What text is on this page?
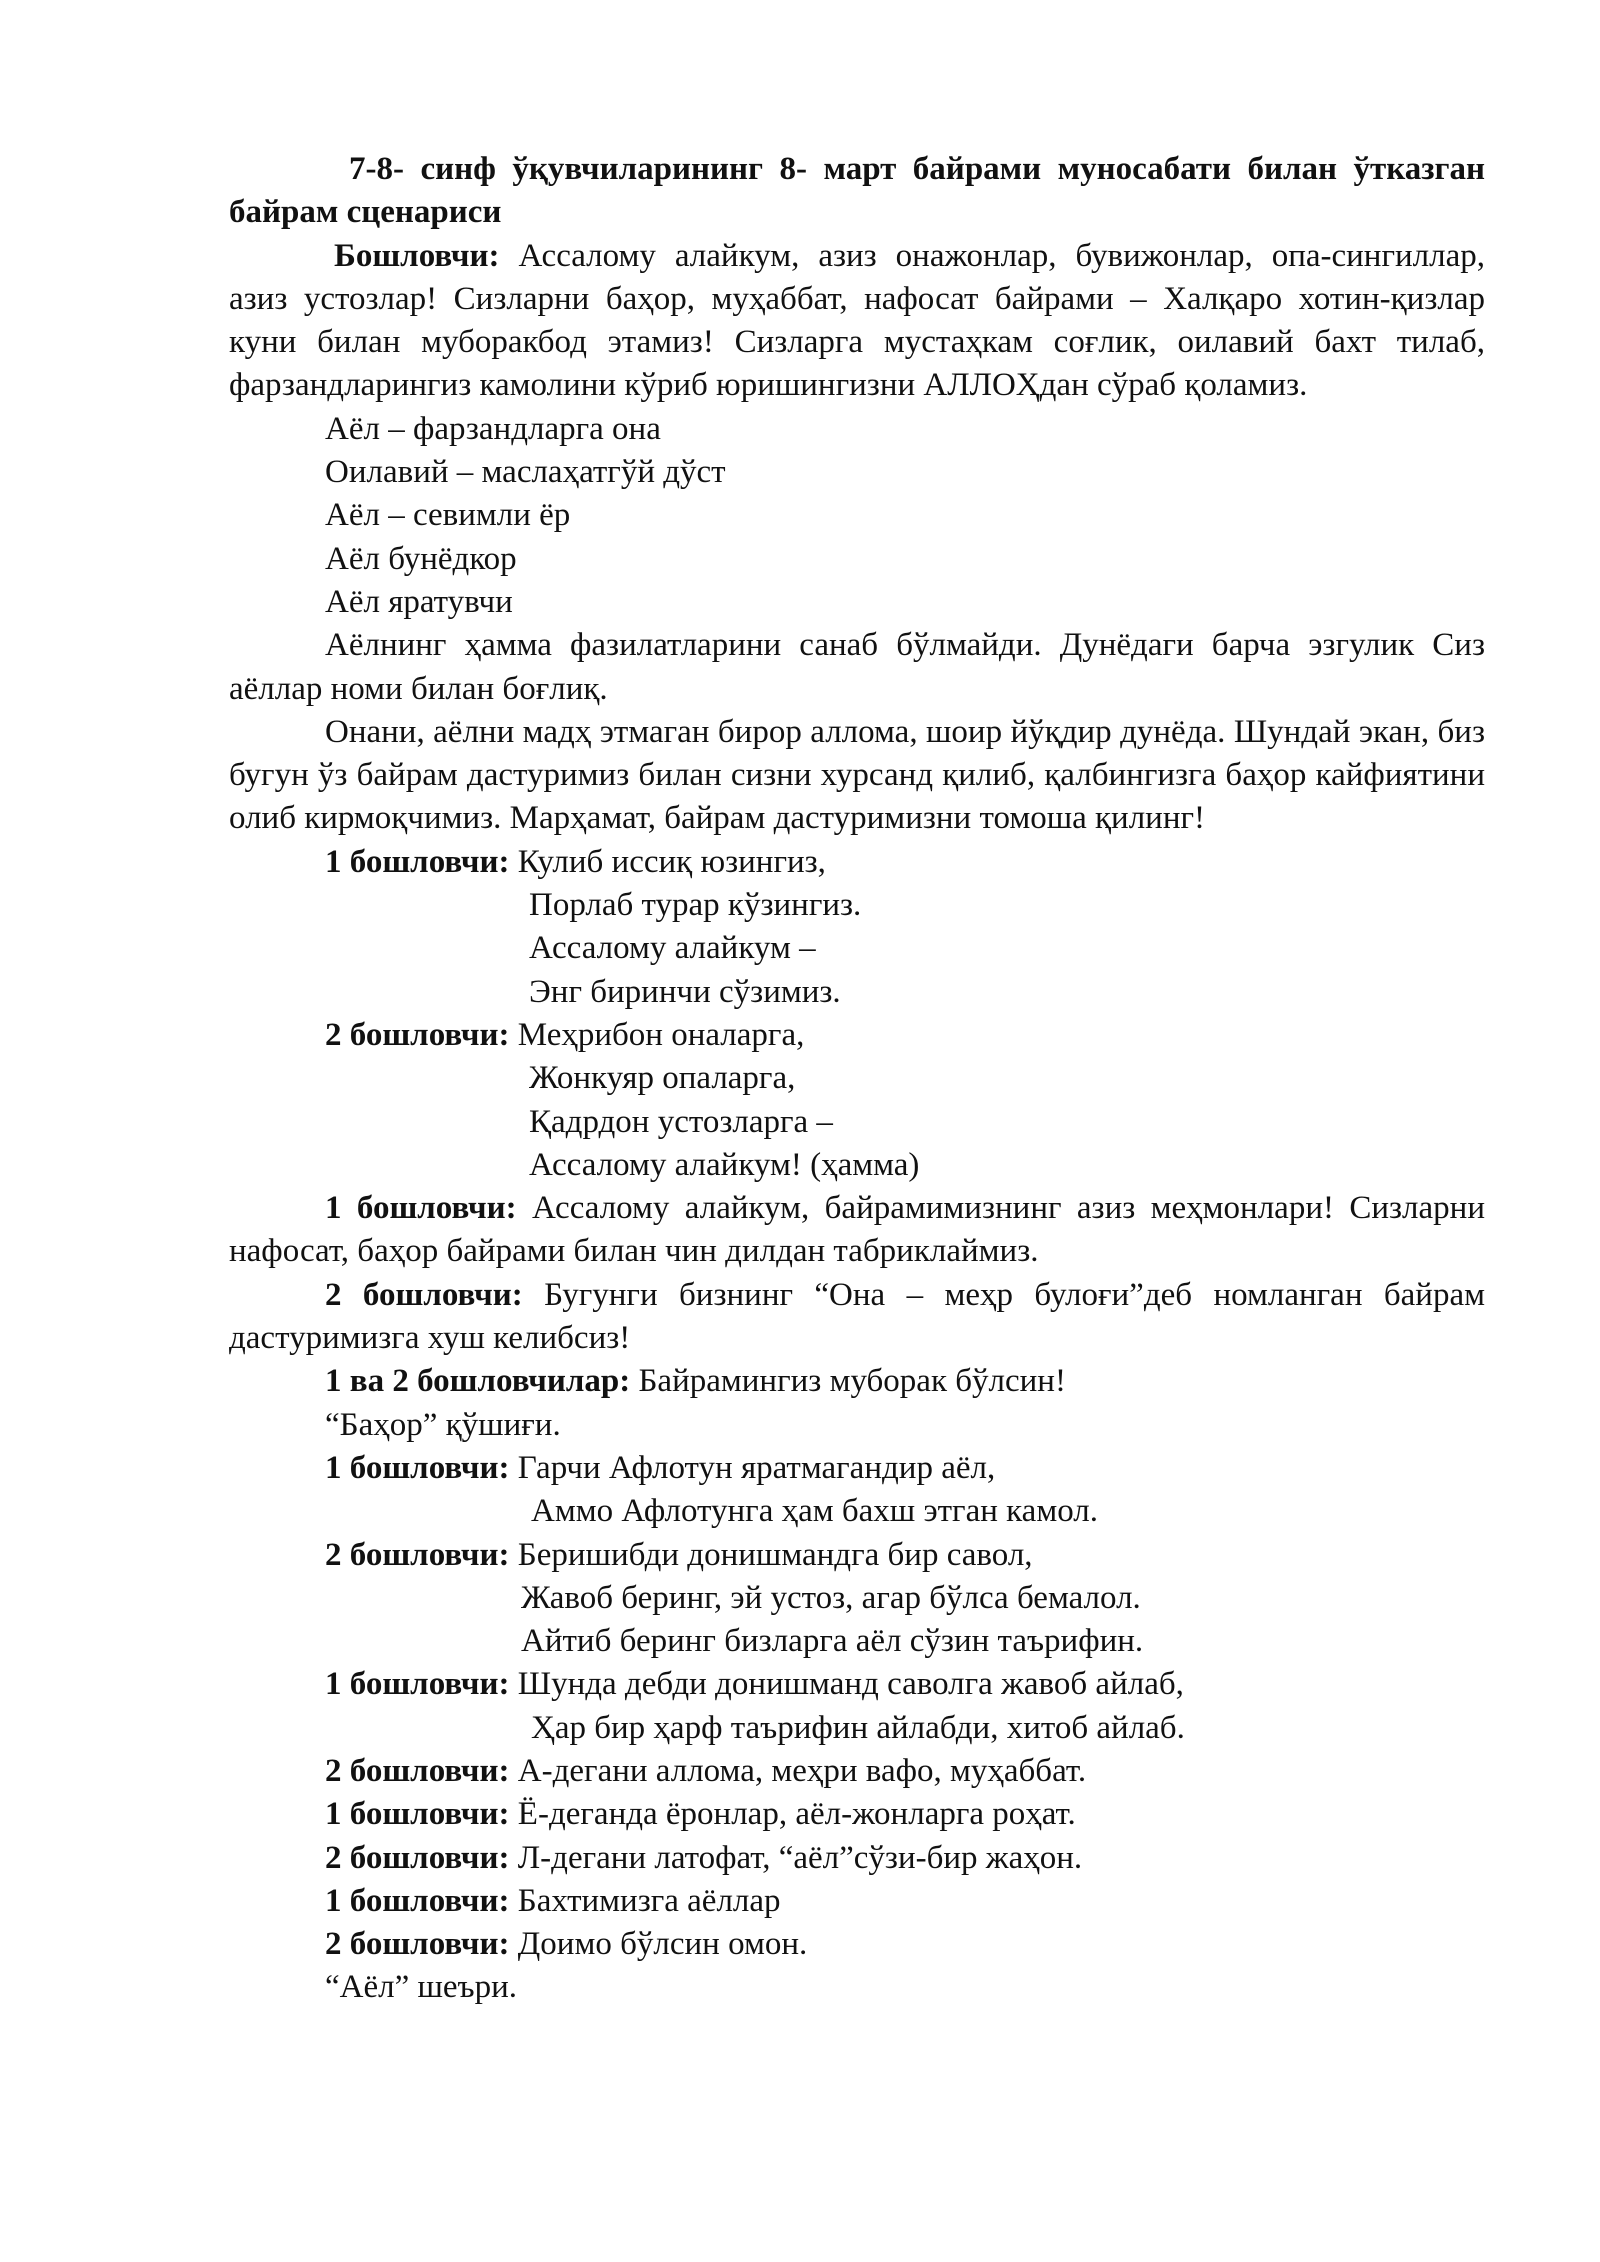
7-8- синф ўқувчиларининг 8- март байрами муносабати билан ўтказган байрам сценариси

Бошловчи: Ассалому алайкум, азиз онажонлар, бувижонлар, опа-сингиллар, азиз устозлар! Сизларни баҳор, муҳаббат, нафосат байрами – Халқаро хотин-қизлар куни билан муборакбод этамиз! Сизларга мустаҳкам соғлик, оилавий бахт тилаб, фарзандларингиз камолини кўриб юришингизни АЛЛОҲдан сўраб қоламиз.

Аёл – фарзандларга она

Оилавий – маслаҳатгўй дўст

Аёл – севимли ёр

Аёл бунёдкор

Аёл яратувчи

Аёлнинг ҳамма фазилатларини санаб бўлмайди. Дунёдаги барча эзгулик Сиз аёллар номи билан боғлиқ.

Онани, аёлни мадҳ этмаган бирор аллома, шоир йўқдир дунёда. Шундай экан, биз бугун ўз байрам дастуримиз билан сизни хурсанд қилиб, қалбингизга баҳор кайфиятини олиб кирмоқчимиз. Марҳамат, байрам дастуримизни томоша қилинг!

1 бошловчи: Кулиб иссиқ юзингиз,

Порлаб турар кўзингиз.

Ассалому алайкум –

Энг биринчи сўзимиз.

2 бошловчи: Меҳрибон оналарга,

Жонкуяр опаларга,

Қадрдон устозларга –

Ассалому алайкум! (ҳамма)

1 бошловчи: Ассалому алайкум, байрамимизнинг азиз меҳмонлари! Сизларни нафосат, баҳор байрами билан чин дилдан табриклаймиз.

2 бошловчи: Бугунги бизнинг “Она – меҳр булоғи”деб номланган байрам дастуримизга хуш келибсиз!

1 ва 2 бошловчилар: Байрамингиз муборак бўлсин!

“Баҳор” қўшиғи.

1 бошловчи: Гарчи Афлотун яратмагандир аёл,

Аммо Афлотунга ҳам бахш этган камол.

2 бошловчи: Беришибди донишмандга бир савол,

Жавоб беринг, эй устоз, агар бўлса бемалол.

Айтиб беринг бизларга аёл сўзин таърифин.

1 бошловчи: Шунда дебди донишманд саволга жавоб айлаб,

Ҳар бир ҳарф таърифин айлабди, хитоб айлаб.

2 бошловчи: А-дегани аллома, меҳри вафо, муҳаббат.

1 бошловчи: Ё-деганда ёронлар, аёл-жонларга роҳат.

2 бошловчи: Л-дегани латофат, “аёл”сўзи-бир жаҳон.

1 бошловчи: Бахтимизга аёллар

2 бошловчи: Доимо бўлсин омон.

“Аёл” шеъри.
